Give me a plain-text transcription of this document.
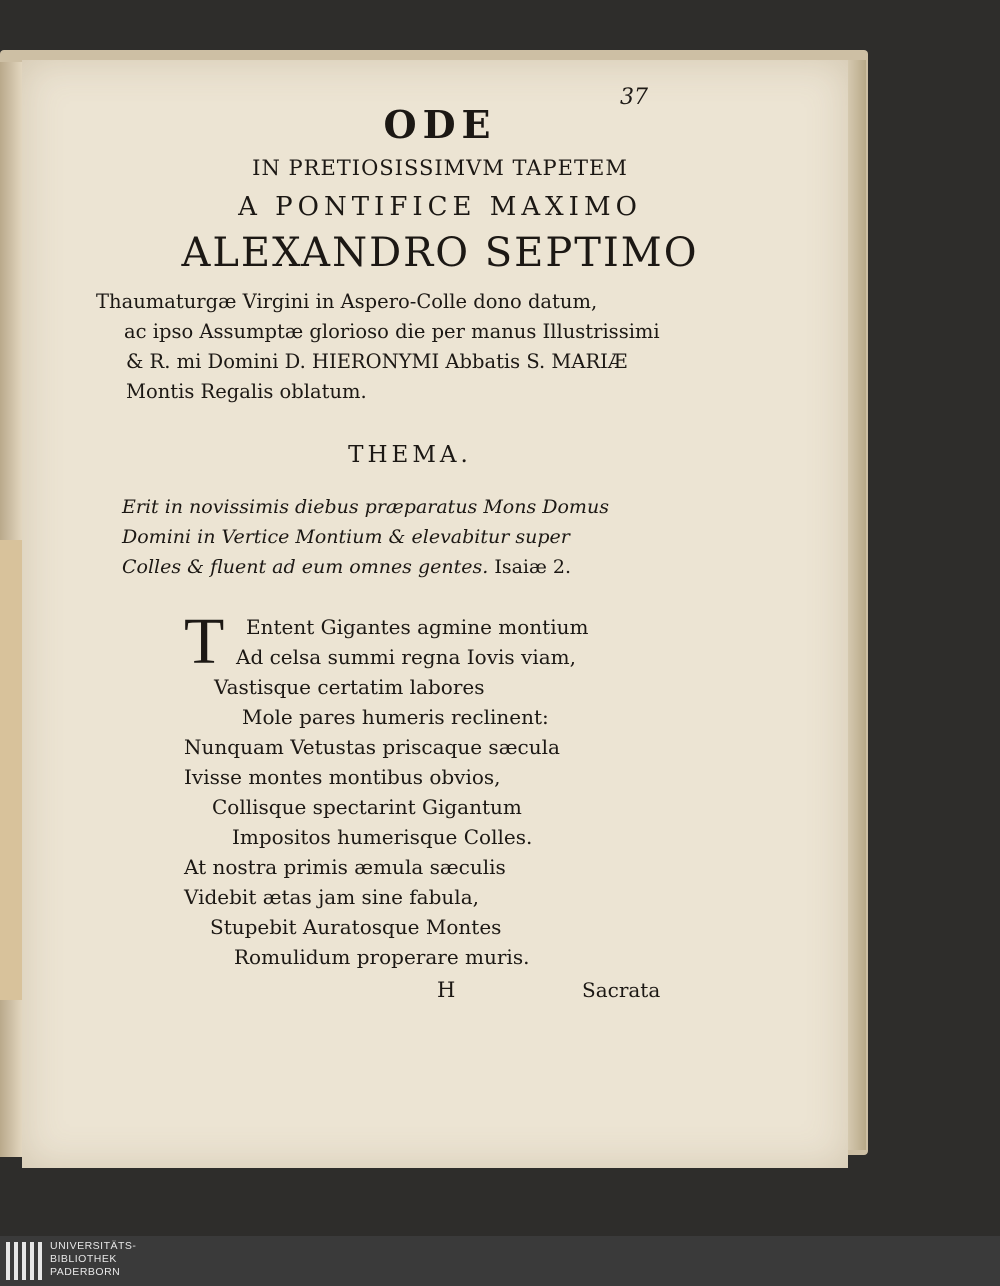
37
ODE
IN PRETIOSISSIMVM TAPETEM
A PONTIFICE MAXIMO
ALEXANDRO SEPTIMO
Thaumaturgæ Virgini in Aspero-Colle dono datum,
ac ipso Assumptæ glorioso die per manus Illustrissimi
& R. mi Domini D. HIERONYMI Abbatis S. MARIÆ
Montis Regalis oblatum.
THEMA.
Erit in novissimis diebus præparatus Mons Domus
Domini in Vertice Montium & elevabitur super
Colles & fluent ad eum omnes gentes. Isaiæ 2.
T	Entent Gigantes agmine montium
Ad celsa summi regna Iovis viam,
Vastisque certatim labores
Mole pares humeris reclinent:
Nunquam Vetustas priscaque sæcula
Ivisse montes montibus obvios,
Collisque spectarint Gigantum
Impositos humerisque Colles.
At nostra primis æmula sæculis
Videbit ætas jam sine fabula,
Stupebit Auratosque Montes
Romulidum properare muris.
H	Sacrata
UNIVERSITÄTS-
BIBLIOTHEK
PADERBORN
